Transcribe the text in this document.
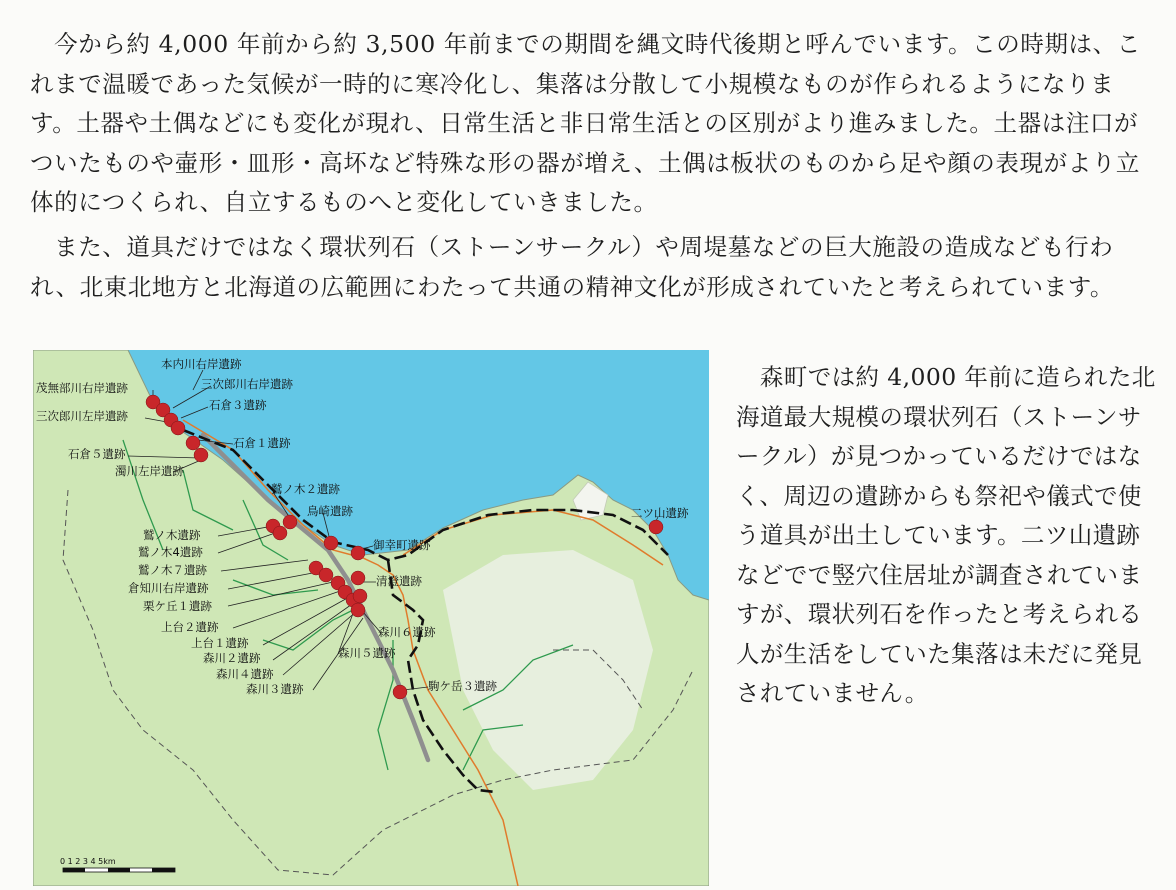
　今から約 4,000 年前から約 3,500 年前までの期間を縄文時代後期と呼んでいます。この時期は、これまで温暖であった気候が一時的に寒冷化し、集落は分散して小規模なものが作られるようになります。土器や土偶などにも変化が現れ、日常生活と非日常生活との区別がより進みました。土器は注口がついたものや壷形・皿形・高坏など特殊な形の器が増え、土偶は板状のものから足や顔の表現がより立体的につくられ、自立するものへと変化していきました。

　また、道具だけではなく環状列石（ストーンサークル）や周堤墓などの巨大施設の造成なども行われ、北東北地方と北海道の広範囲にわたって共通の精神文化が形成されていたと考えられています。

　森町では約 4,000 年前に造られた北海道最大規模の環状列石（ストーンサークル）が見つかっているだけではなく、周辺の遺跡からも祭祀や儀式で使う道具が出土しています。二ツ山遺跡などでで竪穴住居址が調査されていますが、環状列石を作ったと考えられる人が生活をしていた集落は未だに発見されていません。

本内川右岸遺跡
茂無部川右岸遺跡	三次郎川右岸遺跡
石倉３遺跡
三次郎川左岸遺跡
石倉１遺跡
石倉５遺跡
濁川左岸遺跡
鷲ノ木２遺跡
鳥崎遺跡
鷲ノ木遺跡
御幸町遺跡
鷲ノ木4遺跡
鷲ノ木７遺跡
清澄遺跡
倉知川右岸遺跡
栗ケ丘１遺跡
上台２遺跡	森川６遺跡
上台１遺跡
森川５遺跡
森川２遺跡
森川４遺跡
駒ケ岳３遺跡
森川３遺跡
二ツ山遺跡
0 1 2 3 4 5km
